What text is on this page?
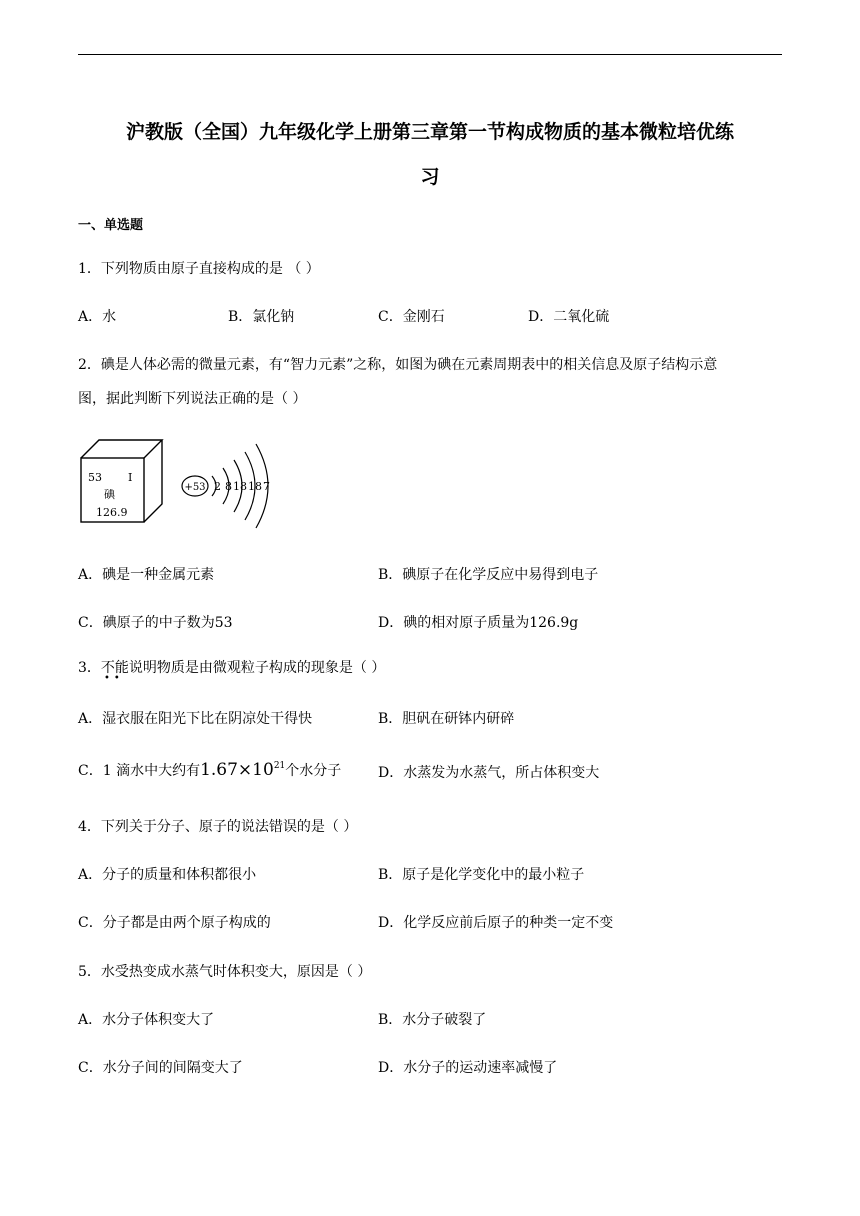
沪教版（全国）九年级化学上册第三章第一节构成物质的基本微粒培优练
习
一、单选题
1．下列物质由原子直接构成的是 （ ）
A．水	B．氯化钠	C．金刚石	D．二氧化硫
2．碘是人体必需的微量元素，有“智力元素”之称，如图为碘在元素周期表中的相关信息及原子结构示意
图，据此判断下列说法正确的是（ ）
53 I
碘
126.9
+53 2 8 18 18 7
A．碘是一种金属元素	B．碘原子在化学反应中易得到电子
C．碘原子的中子数为53	D．碘的相对原子质量为126.9g
3．不能说明物质是由微观粒子构成的现象是（ ）
••
A．湿衣服在阳光下比在阴凉处干得快	B．胆矾在研钵内研碎
C．1 滴水中大约有$1.67\times 10^{21}$个水分子	D．水蒸发为水蒸气，所占体积变大
4．下列关于分子、原子的说法错误的是（ ）
A．分子的质量和体积都很小	B．原子是化学变化中的最小粒子
C．分子都是由两个原子构成的	D．化学反应前后原子的种类一定不变
5．水受热变成水蒸气时体积变大，原因是（ ）
A．水分子体积变大了	B．水分子破裂了
C．水分子间的间隔变大了	D．水分子的运动速率减慢了
